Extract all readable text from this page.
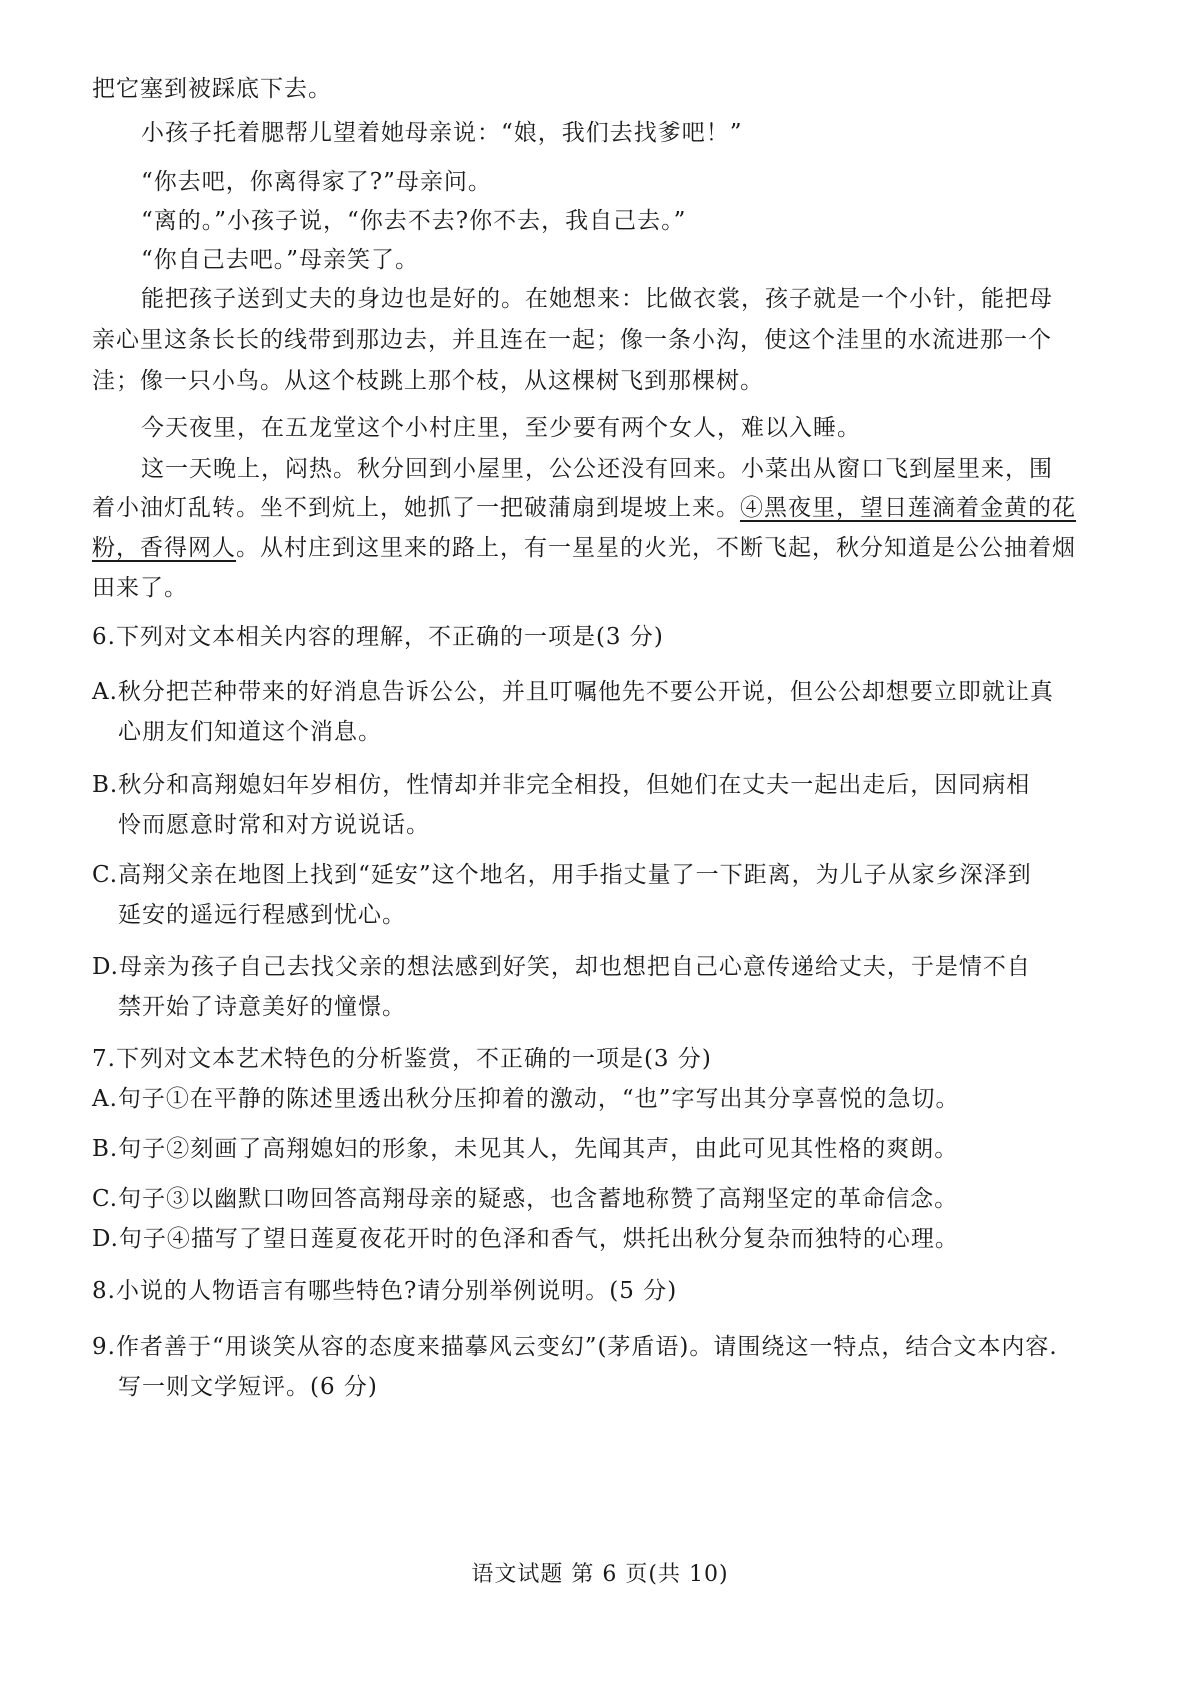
把它塞到被踩底下去。
小孩子托着腮帮儿望着她母亲说：“娘，我们去找爹吧！”
“你去吧，你离得家了?”母亲问。
“离的。”小孩子说，“你去不去?你不去，我自己去。”
“你自己去吧。”母亲笑了。
能把孩子送到丈夫的身边也是好的。在她想来：比做衣裳，孩子就是一个小针，能把母
亲心里这条长长的线带到那边去，并且连在一起；像一条小沟，使这个洼里的水流进那一个
洼；像一只小鸟。从这个枝跳上那个枝，从这棵树飞到那棵树。
今天夜里，在五龙堂这个小村庄里，至少要有两个女人，难以入睡。
这一天晚上，闷热。秋分回到小屋里，公公还没有回来。小菜出从窗口飞到屋里来，围
着小油灯乱转。坐不到炕上，她抓了一把破蒲扇到堤坡上来。④黑夜里，望日莲滴着金黄的花
粉，香得网人。从村庄到这里来的路上，有一星星的火光，不断飞起，秋分知道是公公抽着烟
田来了。
6.下列对文本相关内容的理解，不正确的一项是(3 分)
A.秋分把芒种带来的好消息告诉公公，并且叮嘱他先不要公开说，但公公却想要立即就让真
心朋友们知道这个消息。
B.秋分和高翔媳妇年岁相仿，性情却并非完全相投，但她们在丈夫一起出走后，因同病相
怜而愿意时常和对方说说话。
C.高翔父亲在地图上找到“延安”这个地名，用手指丈量了一下距离，为儿子从家乡深泽到
延安的遥远行程感到忧心。
D.母亲为孩子自己去找父亲的想法感到好笑，却也想把自己心意传递给丈夫，于是情不自
禁开始了诗意美好的憧憬。
7.下列对文本艺术特色的分析鉴赏，不正确的一项是(3 分)
A.句子①在平静的陈述里透出秋分压抑着的激动，“也”字写出其分享喜悦的急切。
B.句子②刻画了高翔媳妇的形象，未见其人，先闻其声，由此可见其性格的爽朗。
C.句子③以幽默口吻回答高翔母亲的疑惑，也含蓄地称赞了高翔坚定的革命信念。
D.句子④描写了望日莲夏夜花开时的色泽和香气，烘托出秋分复杂而独特的心理。
8.小说的人物语言有哪些特色?请分别举例说明。(5 分)
9.作者善于“用谈笑从容的态度来描摹风云变幻”(茅盾语)。请围绕这一特点，结合文本内容.
写一则文学短评。(6 分)
语文试题 第 6 页(共 10)
